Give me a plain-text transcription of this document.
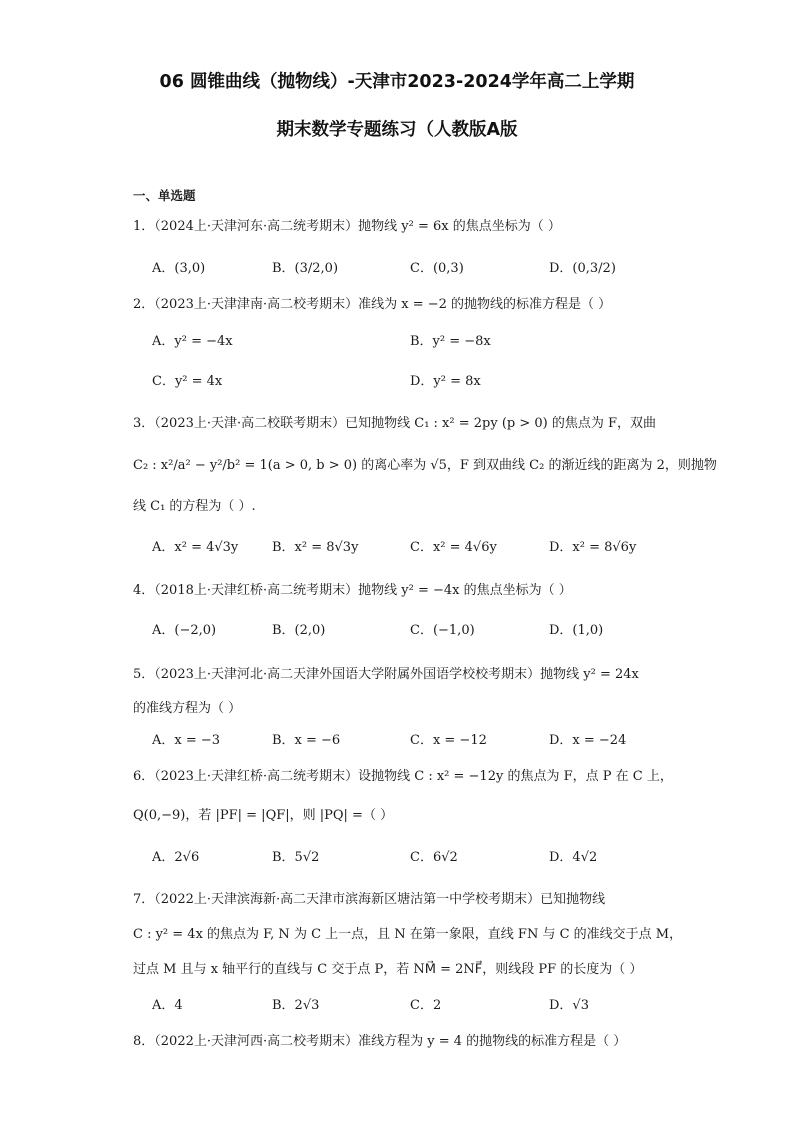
06 圆锥曲线（抛物线）-天津市2023-2024学年高二上学期
期末数学专题练习（人教版A版
一、单选题
1．（2024上·天津河东·高二统考期末）抛物线 y² = 6x 的焦点坐标为（ ）
A．(3,0)	B．(3/2,0)	C．(0,3)	D．(0,3/2)
2．（2023上·天津津南·高二校考期末）准线为 x = −2 的抛物线的标准方程是（ ）
A．y² = −4x	B．y² = −8x
C．y² = 4x	D．y² = 8x
3．（2023上·天津·高二校联考期末）已知抛物线 C₁ : x² = 2py (p > 0) 的焦点为 F，双曲
C₂ : x²/a² − y²/b² = 1(a > 0, b > 0) 的离心率为 √5，F 到双曲线 C₂ 的渐近线的距离为 2，则抛物
线 C₁ 的方程为（ ）.
A．x² = 4√3y	B．x² = 8√3y	C．x² = 4√6y	D．x² = 8√6y
4．（2018上·天津红桥·高二统考期末）抛物线 y² = −4x 的焦点坐标为（ ）
A．(−2,0)	B．(2,0)	C．(−1,0)	D．(1,0)
5．（2023上·天津河北·高二天津外国语大学附属外国语学校校考期末）抛物线 y² = 24x
的准线方程为（ ）
A．x = −3	B．x = −6	C．x = −12	D．x = −24
6．（2023上·天津红桥·高二统考期末）设抛物线 C : x² = −12y 的焦点为 F，点 P 在 C 上，
Q(0,−9)，若 |PF| = |QF|，则 |PQ| =（ ）
A．2√6	B．5√2	C．6√2	D．4√2
7．（2022上·天津滨海新·高二天津市滨海新区塘沽第一中学校考期末）已知抛物线
C : y² = 4x 的焦点为 F, N 为 C 上一点，且 N 在第一象限，直线 FN 与 C 的准线交于点 M，
过点 M 且与 x 轴平行的直线与 C 交于点 P，若 NM⃗ = 2NF⃗，则线段 PF 的长度为（ ）
A．4	B．2√3	C．2	D．√3
8．（2022上·天津河西·高二校考期末）准线方程为 y = 4 的抛物线的标准方程是（ ）
